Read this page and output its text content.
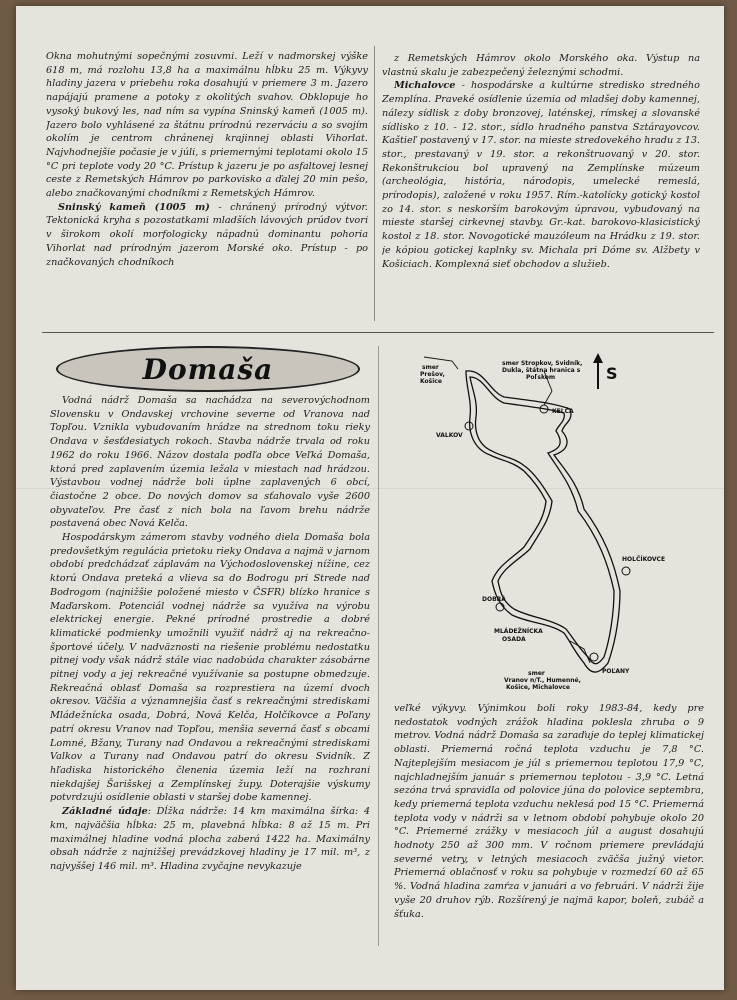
Okna mohutnými sopečnými zosuvmi. Leží v nadmorskej výške 618 m, má rozlohu 13,8 ha a maximálnu hĺbku 25 m. Výkyvy hladiny jazera v priebehu roka dosahujú v priemere 3 m. Jazero napájajú pramene a potoky z okolitých svahov. Obklopuje ho vysoký bukový les, nad ním sa vypína Sninský kameň (1005 m). Jazero bolo vyhlásené za štátnu prírodnú rezerváciu a so svojím okolím je centrom chránenej krajinnej oblasti Vihorlat. Najvhodnejšie počasie je v júli, s priemernými teplotami okolo 15 °C pri teplote vody 20 °C. Prístup k jazeru je po asfaltovej lesnej ceste z Remetských Hámrov po parkovisko a ďalej 20 min pešo, alebo značkovanými chodníkmi z Remetských Hámrov.

Sninský kameň (1005 m) - chránený prírodný výtvor. Tektonická kryha s pozostatkami mladších lávových prúdov tvorí v širokom okolí morfologicky nápadnú dominantu pohoria Vihorlat nad prírodným jazerom Morské oko. Prístup - po značkovaných chodníkoch

z Remetských Hámrov okolo Morského oka. Výstup na vlastnú skalu je zabezpečený železnými schodmi.

Michalovce - hospodárske a kultúrne stredisko stredného Zemplína. Praveké osídlenie územia od mladšej doby kamennej, nálezy sídlisk z doby bronzovej, laténskej, rímskej a slovanské sídlisko z 10. - 12. stor., sídlo hradného panstva Sztárayovcov. Kaštieľ postavený v 17. stor. na mieste stredovekého hradu z 13. stor., prestavaný v 19. stor. a rekonštruovaný v 20. stor. Rekonštrukciou bol upravený na Zemplínske múzeum (archeológia, história, národopis, umelecké remeslá, prírodopis), založené v roku 1957. Rím.-katolícky gotický kostol zo 14. stor. s neskorším barokovým úpravou, vybudovaný na mieste staršej cirkevnej stavby. Gr.-kat. barokovo-klasicistický kostol z 18. stor. Novogotické mauzóleum na Hrádku z 19. stor. je kópiou gotickej kaplnky sv. Michala pri Dóme sv. Alžbety v Košiciach. Komplexná sieť obchodov a služieb.

Domaša

Vodná nádrž Domaša sa nachádza na severovýchodnom Slovensku v Ondavskej vrchovine severne od Vranova nad Topľou. Vznikla vybudovaním hrádze na strednom toku rieky Ondava v šesťdesiatych rokoch. Stavba nádrže trvala od roku 1962 do roku 1966. Názov dostala podľa obce Veľká Domaša, ktorá pred zaplavením územia ležala v miestach nad hrádzou. Výstavbou vodnej nádrže boli úplne zaplavených 6 obcí, čiastočne 2 obce. Do nových domov sa sťahovalo vyše 2600 obyvateľov. Pre časť z nich bola na ľavom brehu nádrže postavená obec Nová Kelča.

Hospodárskym zámerom stavby vodného diela Domaša bola predovšetkým regulácia prietoku rieky Ondava a najmä v jarnom období predchádzať záplavám na Východoslovenskej nížine, cez ktorú Ondava preteká a vlieva sa do Bodrogu pri Strede nad Bodrogom (najnižšie položené miesto v ČSFR) blízko hranice s Maďarskom. Potenciál vodnej nádrže sa využíva na výrobu elektrickej energie. Pekné prírodné prostredie a dobré klimatické podmienky umožnili využiť nádrž aj na rekreačno-športové účely. V nadväznosti na riešenie problému nedostatku pitnej vody však nádrž stále viac nadobúda charakter zásobárne pitnej vody a jej rekreačné využívanie sa postupne obmedzuje. Rekreačná oblasť Domaša sa rozprestiera na území dvoch okresov. Väčšia a významnejšia časť s rekreačnými strediskami Mládežnícka osada, Dobrá, Nová Kelča, Holčíkovce a Poľany patrí okresu Vranov nad Topľou, menšia severná časť s obcami Lomné, Bžany, Turany nad Ondavou a rekreačnými strediskami Valkov a Turany nad Ondavou patrí do okresu Svidník. Z hľadiska historického členenia územia leží na rozhraní niekdajšej Šarišskej a Zemplínskej župy. Doterajšie výskumy potvrdzujú osídlenie oblasti v staršej dobe kamennej.

Základné údaje: Dĺžka nádrže: 14 km maximálna šírka: 4 km, najväčšia hĺbka: 25 m, plavebná hĺbka: 8 až 15 m. Pri maximálnej hladine vodná plocha zaberá 1422 ha. Maximálny obsah nádrže z najnižšej prevádzkovej hladiny je 17 mil. m³, z najvyššej 146 mil. m³. Hladina zvyčajne nevykazuje

S
smer
Prešov,
Košice
smer Stropkov, Svidník,
Dukla, štátna hranica s
Poľskom
KELČA
VALKOV
HOLČÍKOVCE
DOBRÁ
MLÁDEŽNÍCKA
OSADA
POĽANY
smer
Vranov n/T., Humenné,
Košice, Michalovce

veľké výkyvy. Výnimkou boli roky 1983-84, kedy pre nedostatok vodných zrážok hladina poklesla zhruba o 9 metrov. Vodná nádrž Domaša sa zaraďuje do teplej klimatickej oblasti. Priemerná ročná teplota vzduchu je 7,8 °C. Najteplejším mesiacom je júl s priemernou teplotou 17,9 °C, najchladnejším január s priemernou teplotou - 3,9 °C. Letná sezóna trvá spravidla od polovice júna do polovice septembra, kedy priemerná teplota vzduchu neklesá pod 15 °C. Priemerná teplota vody v nádrži sa v letnom období pohybuje okolo 20 °C. Priemerné zrážky v mesiacoch júl a august dosahujú hodnoty 250 až 300 mm. V ročnom priemere prevládajú severné vetry, v letných mesiacoch zväčša južný vietor. Priemerná oblačnosť v roku sa pohybuje v rozmedzí 60 až 65 %. Vodná hladina zamŕza v januári a vo februári. V nádrži žije vyše 20 druhov rýb. Rozšírený je najmä kapor, boleň, zubáč a šťuka.
